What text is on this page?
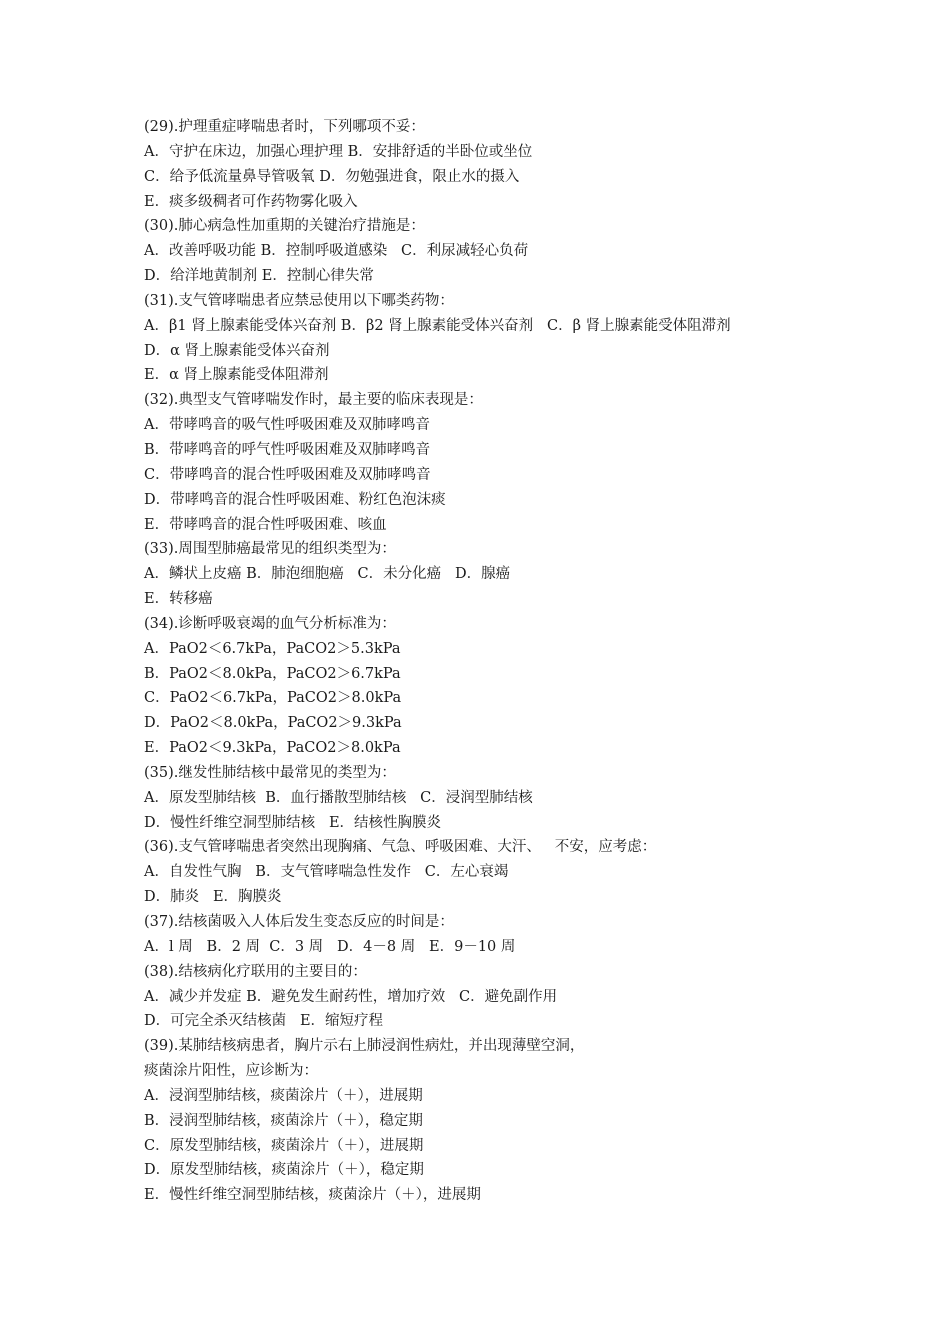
(29).护理重症哮喘患者时，下列哪项不妥：
A．守护在床边，加强心理护理 B．安排舒适的半卧位或坐位
C．给予低流量鼻导管吸氧 D．勿勉强进食，限止水的摄入
E．痰多级稠者可作药物雾化吸入
(30).肺心病急性加重期的关键治疗措施是：
A．改善呼吸功能 B．控制呼吸道感染   C．利尿减轻心负荷
D．给洋地黄制剂 E．控制心律失常
(31).支气管哮喘患者应禁忌使用以下哪类药物：
A．β1 肾上腺素能受体兴奋剂 B．β2 肾上腺素能受体兴奋剂   C．β 肾上腺素能受体阻滞剂
D．α 肾上腺素能受体兴奋剂
E．α 肾上腺素能受体阻滞剂
(32).典型支气管哮喘发作时，最主要的临床表现是：
A．带哮鸣音的吸气性呼吸困难及双肺哮鸣音
B．带哮鸣音的呼气性呼吸困难及双肺哮鸣音
C．带哮鸣音的混合性呼吸困难及双肺哮鸣音
D．带哮鸣音的混合性呼吸困难、粉红色泡沫痰
E．带哮鸣音的混合性呼吸困难、咳血
(33).周围型肺癌最常见的组织类型为：
A．鳞状上皮癌 B．肺泡细胞癌   C．未分化癌   D．腺癌
E．转移癌
(34).诊断呼吸衰竭的血气分析标准为：
A．PaO2＜6.7kPa，PaCO2＞5.3kPa
B．PaO2＜8.0kPa，PaCO2＞6.7kPa
C．PaO2＜6.7kPa，PaCO2＞8.0kPa
D．PaO2＜8.0kPa，PaCO2＞9.3kPa
E．PaO2＜9.3kPa，PaCO2＞8.0kPa
(35).继发性肺结核中最常见的类型为：
A．原发型肺结核  B．血行播散型肺结核   C．浸润型肺结核
D．慢性纤维空洞型肺结核   E．结核性胸膜炎
(36).支气管哮喘患者突然出现胸痛、气急、呼吸困难、大汗、   不安，应考虑：
A．自发性气胸   B．支气管哮喘急性发作   C．左心衰竭
D．肺炎   E．胸膜炎
(37).结核菌吸入人体后发生变态反应的时间是：
A．l 周   B．2 周  C．3 周   D．4－8 周   E．9－10 周
(38).结核病化疗联用的主要目的：
A．减少并发症 B．避免发生耐药性，增加疗效   C．避免副作用
D．可完全杀灭结核菌   E．缩短疗程
(39).某肺结核病患者，胸片示右上肺浸润性病灶，并出现薄壁空洞，
痰菌涂片阳性，应诊断为：
A．浸润型肺结核，痰菌涂片（＋），进展期
B．浸润型肺结核，痰菌涂片（＋），稳定期
C．原发型肺结核，痰菌涂片（＋），进展期
D．原发型肺结核，痰菌涂片（＋），稳定期
E．慢性纤维空洞型肺结核，痰菌涂片（＋），进展期
